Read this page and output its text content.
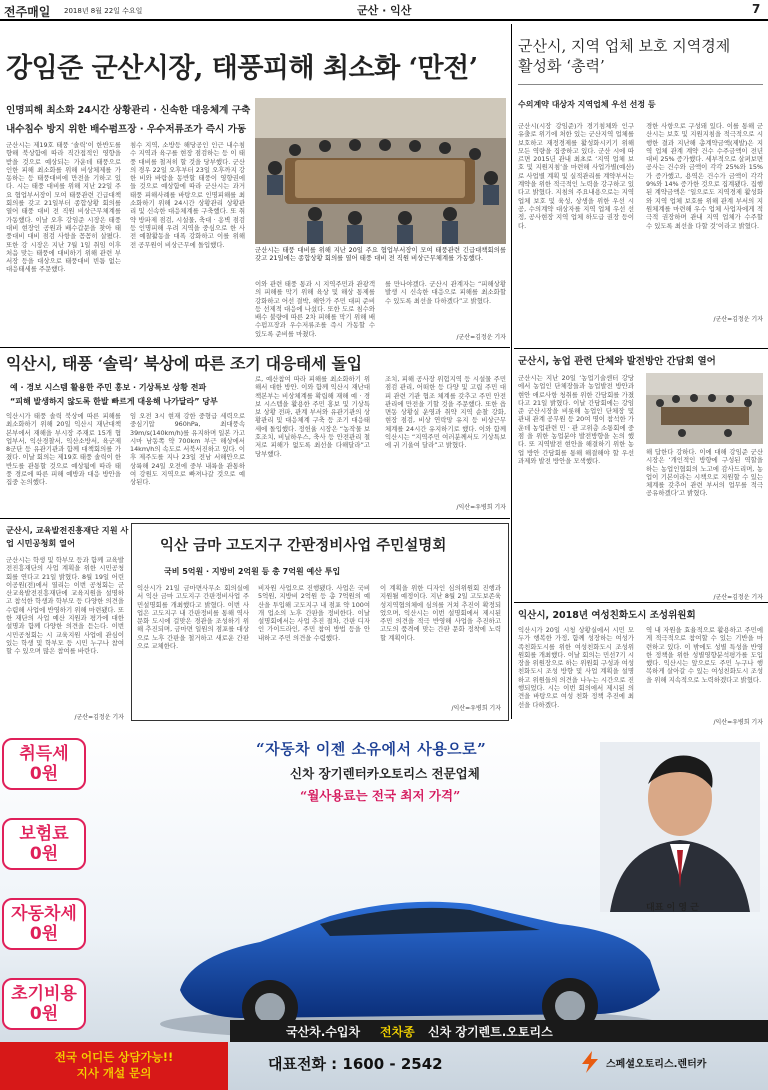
전주매일 2018년 8월 22일 수요일	군산 · 익산	7
강임준 군산시장, 태풍피해 최소화 ‘만전’
인명피해 최소화 24시간 상황관리 · 신속한 대응체계 구축
내수침수 방지 위한 배수펌프장 · 우수저류조가 즉시 가동
군산시는 제19호 태풍 ‘솔릭’이 한반도를 향해 북상함에 따라 직간접적인 영향을 받을 것으로 예상되는 가운데 태풍으로 인한 피해 최소화를 위해 비상체제를 가동하는 등 태풍대비에 만전을 기하고 있다. 시는 태풍 대비를 위해 지난 22일 주요 협업부서장이 모여 태풍관련 긴급대책회의를 갖고 21일부터 종합상황 회의를 열어 태풍 대비 전 직원 비상근무체계를 가동했다. 이날 오후 강임준 시장은 태풍대비 현장인 공원과 배수갑문을 찾아 태풍대비 대비 점검 사항을 꼼꼼히 살폈다. 또한 강 시장은 지난 7월 1일 취임 이후 처음 맞는 태풍에 대비하기 위해 관련 부서장 등을 대상으로 태풍대비 빈틈 없는 대응태세를 주문했다.
침수 지역, 소방등 해당공인 인근 내수침수 지역과 육구를 현장 점검하는 등 이 태풍 대비를 철저히 할 것을 당부했다. 군산의 경우 22일 오후부터 23일 오후까지 강한 비와 바람을 동반할 태풍이 영향권에 들 것으로 예상함에 따라 군산시는 과거 태풍 피해사례를 바탕으로 인명피해를 최소화하기 위해 24시간 상황관리 상황관리 및 신속한 대응체계를 구축했다. 또 취약 방파제 점검, 시설물, 축대 · 옹벽 점검 등 인명피해 우려 지역을 중심으로 한 사전 예찰활동을 대폭 강화하고 이를 위해 전 공무원이 비상근무에 돌입했다.
군산시는 태풍 대비를 위해 지난 20일 주요 협업부서장이 모여 태풍관련 긴급대책회의를 갖고 21일에는 종합상황 회의를 열어 태풍 대비 전 직원 비상근무체계를 가동했다.
이와 관련 태풍 통과 시 지역주민과 관광객의 피해를 막기 위해 육상 및 해상 통제를 강화하고 어선 결박, 해안가 주민 대피 준비 등 선제적 대응에 나섰다. 또한 도로 침수와 배수 불량에 따른 2차 피해를 막기 위해 배수펌프장과 우수저류조를 즉시 가동할 수 있도록 준비를 마쳤다.
를 만나야겠다. 군산시 관계자는 “피해상황 발생 시 신속한 대응으로 피해를 최소화할 수 있도록 최선을 다하겠다”고 밝혔다.
/군산=김정운 기자
군산시, 지역 업체 보호 지역경제 활성화 ‘총력’
수의계약 대상자 지역업체 우선 선정 등
군산시(시장 강임준)가 경기침체와 인구유출로 위기에 처한 있는 군산지역 업체를 보호하고 재정경제를 활성화시키기 위해 모든 역량을 집중하고 있다. 군산 시에 따르면 2015년 관내 최초로 ‘지역 업체 보호 및 지원지침’을 마련해 사업가별(예산)로 사업별 계획 및 실적관리를 계약부서는 계약을 위한 적극적인 노력을 강구하고 있다고 밝혔다. 지침의 주요내용으로는 지역 업체 보호 및 육성, 상생을 위한 우선 시공, 수의계약 대상자를 지역 업체 우선 선정, 공사현장 지역 업체 하도급 권장 등이다.
경한 사항으로 구성돼 있다. 이를 통해 군산시는 보호 및 지원지침을 적극적으로 시행한 결과 지난해 총계약금액(제발)은 지역 업체 관계 계약 건수 수주금액이 전년대비 25% 증가했다. 세부적으로 살펴보면 공사는 건수와 금액이 각각 25%와 15%가 증가했고, 용역은 건수가 금액이 각각 9%와 14% 증가한 것으로 집계됐다. 집행된 계약금액은 ‘일으로도 지역경제 활성화와 지역 업체 보호를 위해 관계 부서의 지원체계를 마련해 우수 업체 사업자에게 적극적 권장하며 관내 지역 업체가 수주할 수 있도록 최선을 다할 것’이라고 밝혔다.
/군산=김정운 기자
군산시, 농업 관련 단체와 발전방안 간담회 열어
군산시는 지난 20일 ‘농업기술센터 강당에서 농업인 단체장들과 농업발전 방안과 현안 애로사항 청취를 위한 간담회를 가졌다고 21일 밝혔다. 이날 간담회에는 강임준 군산시장을 비롯해 농업인 단체장 및 관내 관계 공무원 등 20여 명이 참석한 가운데 농업관련 민 · 관 고위층 소통회에 중점 을 위한 농업분야 발전방향을 논의 했다. 또 지역발전 현안을 해결하기 위한 농업 방안 간담회를 통해 해결해야 할 우선 과제와 발전 방안을 모색했다.
해 답한다 강하다. 이에 대해 강임준 군산시장은 ‘개인적인 방향에 구성된 역할을 하는 농업인협회의 노고에 감사드리며, 농업이 기본이라는 시책으로 지원할 수 있는 체계를 갖추어 관련 부서의 업무를 적극 공유하겠다’고 밝혔다.
/군산=김정운 기자
익산시, 2018년 여성친화도시 조성위원회
익산시가 20일 시청 상황실에서 시민 모두가 행복한 가정, 함께 성장하는 여성가족친화도시를 위한 여성친화도시 조성위원회를 개최했다. 이날 회의는 민선7기 시장을 위원장으로 하는 위원회 구성과 여성친화도시 조성 방향 및 사업 계획을 설명하고 위원들의 의견을 나누는 시간으로 진행되었다. 시는 이번 회의에서 제시된 의견을 바탕으로 여성 친화 정책 추진에 최선을 다하겠다.
역 내 자원을 효율적으로 활용하고 주민에게 적극적으로 참여할 수 있는 기반을 마련하고 있다. 이 밖에도 성별 특성을 반영한 정책을 위한 성별영향분석평가를 도입했다. 익산시는 앞으로도 주민 누구나 행복하게 살아갈 수 있는 여성친화도시 조성을 위해 지속적으로 노력하겠다고 밝혔다.
/익산=우병희 기자
익산시, 태풍 ‘솔릭’ 북상에 따른 조기 대응태세 돌입
예 · 경보 시스템 활용한 주민 홍보 · 기상특보 상황 전파
“피해 발생하지 않도록 한발 빠르게 대응해 나가달라” 당부
익산시가 태풍 솔릭 북상에 따른 피해를 최소화하기 위해 20일 익산시 재난대책본부에서 재해을 부시장 주재로 15개 협업부서, 익산경찰서, 익산소방서, 육군제8군단 등 유관기관과 함께 대책회의를 가졌다. 이날 회의는 제19호 태풍 솔릭이 한반도를 관통할 것으로 예상됨에 따라 태풍 경로에 따른 피해 예방과 대응 방안을 집중 논의했다.
임 오전 3시 현재 강한 중형급 세력으로 중심기압 960hPa, 최대풍속 39m/s(140km/h)를 유지하며 일본 가고시마 남동쪽 약 700km 부근 해상에서 14km/h의 속도로 서북서진하고 있다. 이후 제주도를 지나 23일 전남 서해안으로 상륙해 24일 오전에 중부 내륙을 관통하여 강원도 지역으로 빠져나갈 것으로 예상된다.
로, 예산참여 따라 피해를 최소화하기 위해서 대한 방안. 이와 함께 익산시 재난대책본부는 비상체계를 확립해 재해 예 · 경보 시스템을 활용한 주민 홍보 및 기상특보 상황 전파, 관계 부서와 유관기관의 상황관리 및 대응체계 구축 등 조기 대응태세에 돌입했다. 정헌율 시장은 “농작물 보호조치, 비닐하우스, 축사 등 안전관리 철저로 피해가 없도록 최선을 다해달라”고 당부했다.
조치, 피해 공사장 위험지역 등 시설물 주민 점검 관리, 어떠한 등 다양 및 고립 주민 대피 관련 기관 협조 체계를 갖추고 주민 안전 관리에 만전을 기할 것을 주문했다. 또한 읍면동 상황실 운영과 취약 지역 순찰 강화, 현장 점검, 비상 연락망 유지 등 비상근무 체계를 24시간 유지하기로 했다. 이와 함께 익산시는 “지역주민 여러분께서도 기상특보에 귀 기울여 달라”고 밝혔다.
/익산=우병희 기자
군산시, 교육발전진흥재단 지원 사업 시민공청회 열어
군산시는 학생 및 학부모 등과 함께 교육발전진흥재단의 사업 계획을 위한 시민공청회를 연다고 21일 밝혔다. 8월 19일 어린이공원(전)에서 열리는 이번 공청회는 군산교육발전진흥재단에 교육지원을 설명하고 참석한 학생과 학부모 등 다양한 의견을 수렴해 사업에 반영하기 위해 마련됐다. 또한 재단의 사업 예산 지원과 평가에 대한 설명과 함께 다양한 의견을 듣는다. 이번 시민공청회는 시 교육지원 사업에 관심이 있는 학생 및 학부모 등 시민 누구나 참여할 수 있으며 많은 참여를 바란다.
/군산=김정운 기자
익산 금마 고도지구 간판정비사업 주민설명회
국비 5억원 · 지방비 2억원 등 총 7억원 예산 투입
익산시가 21일 금마면사무소 회의실에서 익산 금마 고도지구 간판정비사업 주민설명회를 개최했다고 밝혔다. 이번 사업은 고도지구 내 간판정비를 통해 역사문화 도시에 걸맞은 경관을 조성하기 위해 추진되며, 금마면 일원의 점포를 대상으로 노후 간판을 철거하고 새로운 간판으로 교체한다.
비자원 사업으로 진행됐다. 사업은 국비 5억원, 지방비 2억원 등 총 7억원의 예산을 투입해 고도지구 내 점포 약 100여 개 업소의 노후 간판을 정비한다. 이날 설명회에서는 사업 추진 절차, 간판 디자인 가이드라인, 주민 참여 방법 등을 안내하고 주민 의견을 수렴했다.
이 계획을 위한 디자인 심의위원회 진행과 지원될 예정이다. 지난 8월 2일 고도보존육성지역협의체에 심의를 거쳐 추진이 확정되었으며, 익산시는 이번 설명회에서 제시된 주민 의견을 적극 반영해 사업을 추진하고 고도의 품격에 맞는 간판 문화 정착에 노력할 계획이다.
/익산=우병희 기자
취득세
0원
보험료
0원
자동차세
0원
초기비용
0원
“자동차 이젠 소유에서 사용으로”
신차 장기렌터카오토리스 전문업체
“월사용료는 전국 최저 가격”
대표 이 영 근
국산차.수입차 전차종 신차 장기렌트.오토리스
전국 어디든 상담가능!!
지사 개설 문의	대표전화 : 1600 - 2542	스페셜오토리스.렌터카
